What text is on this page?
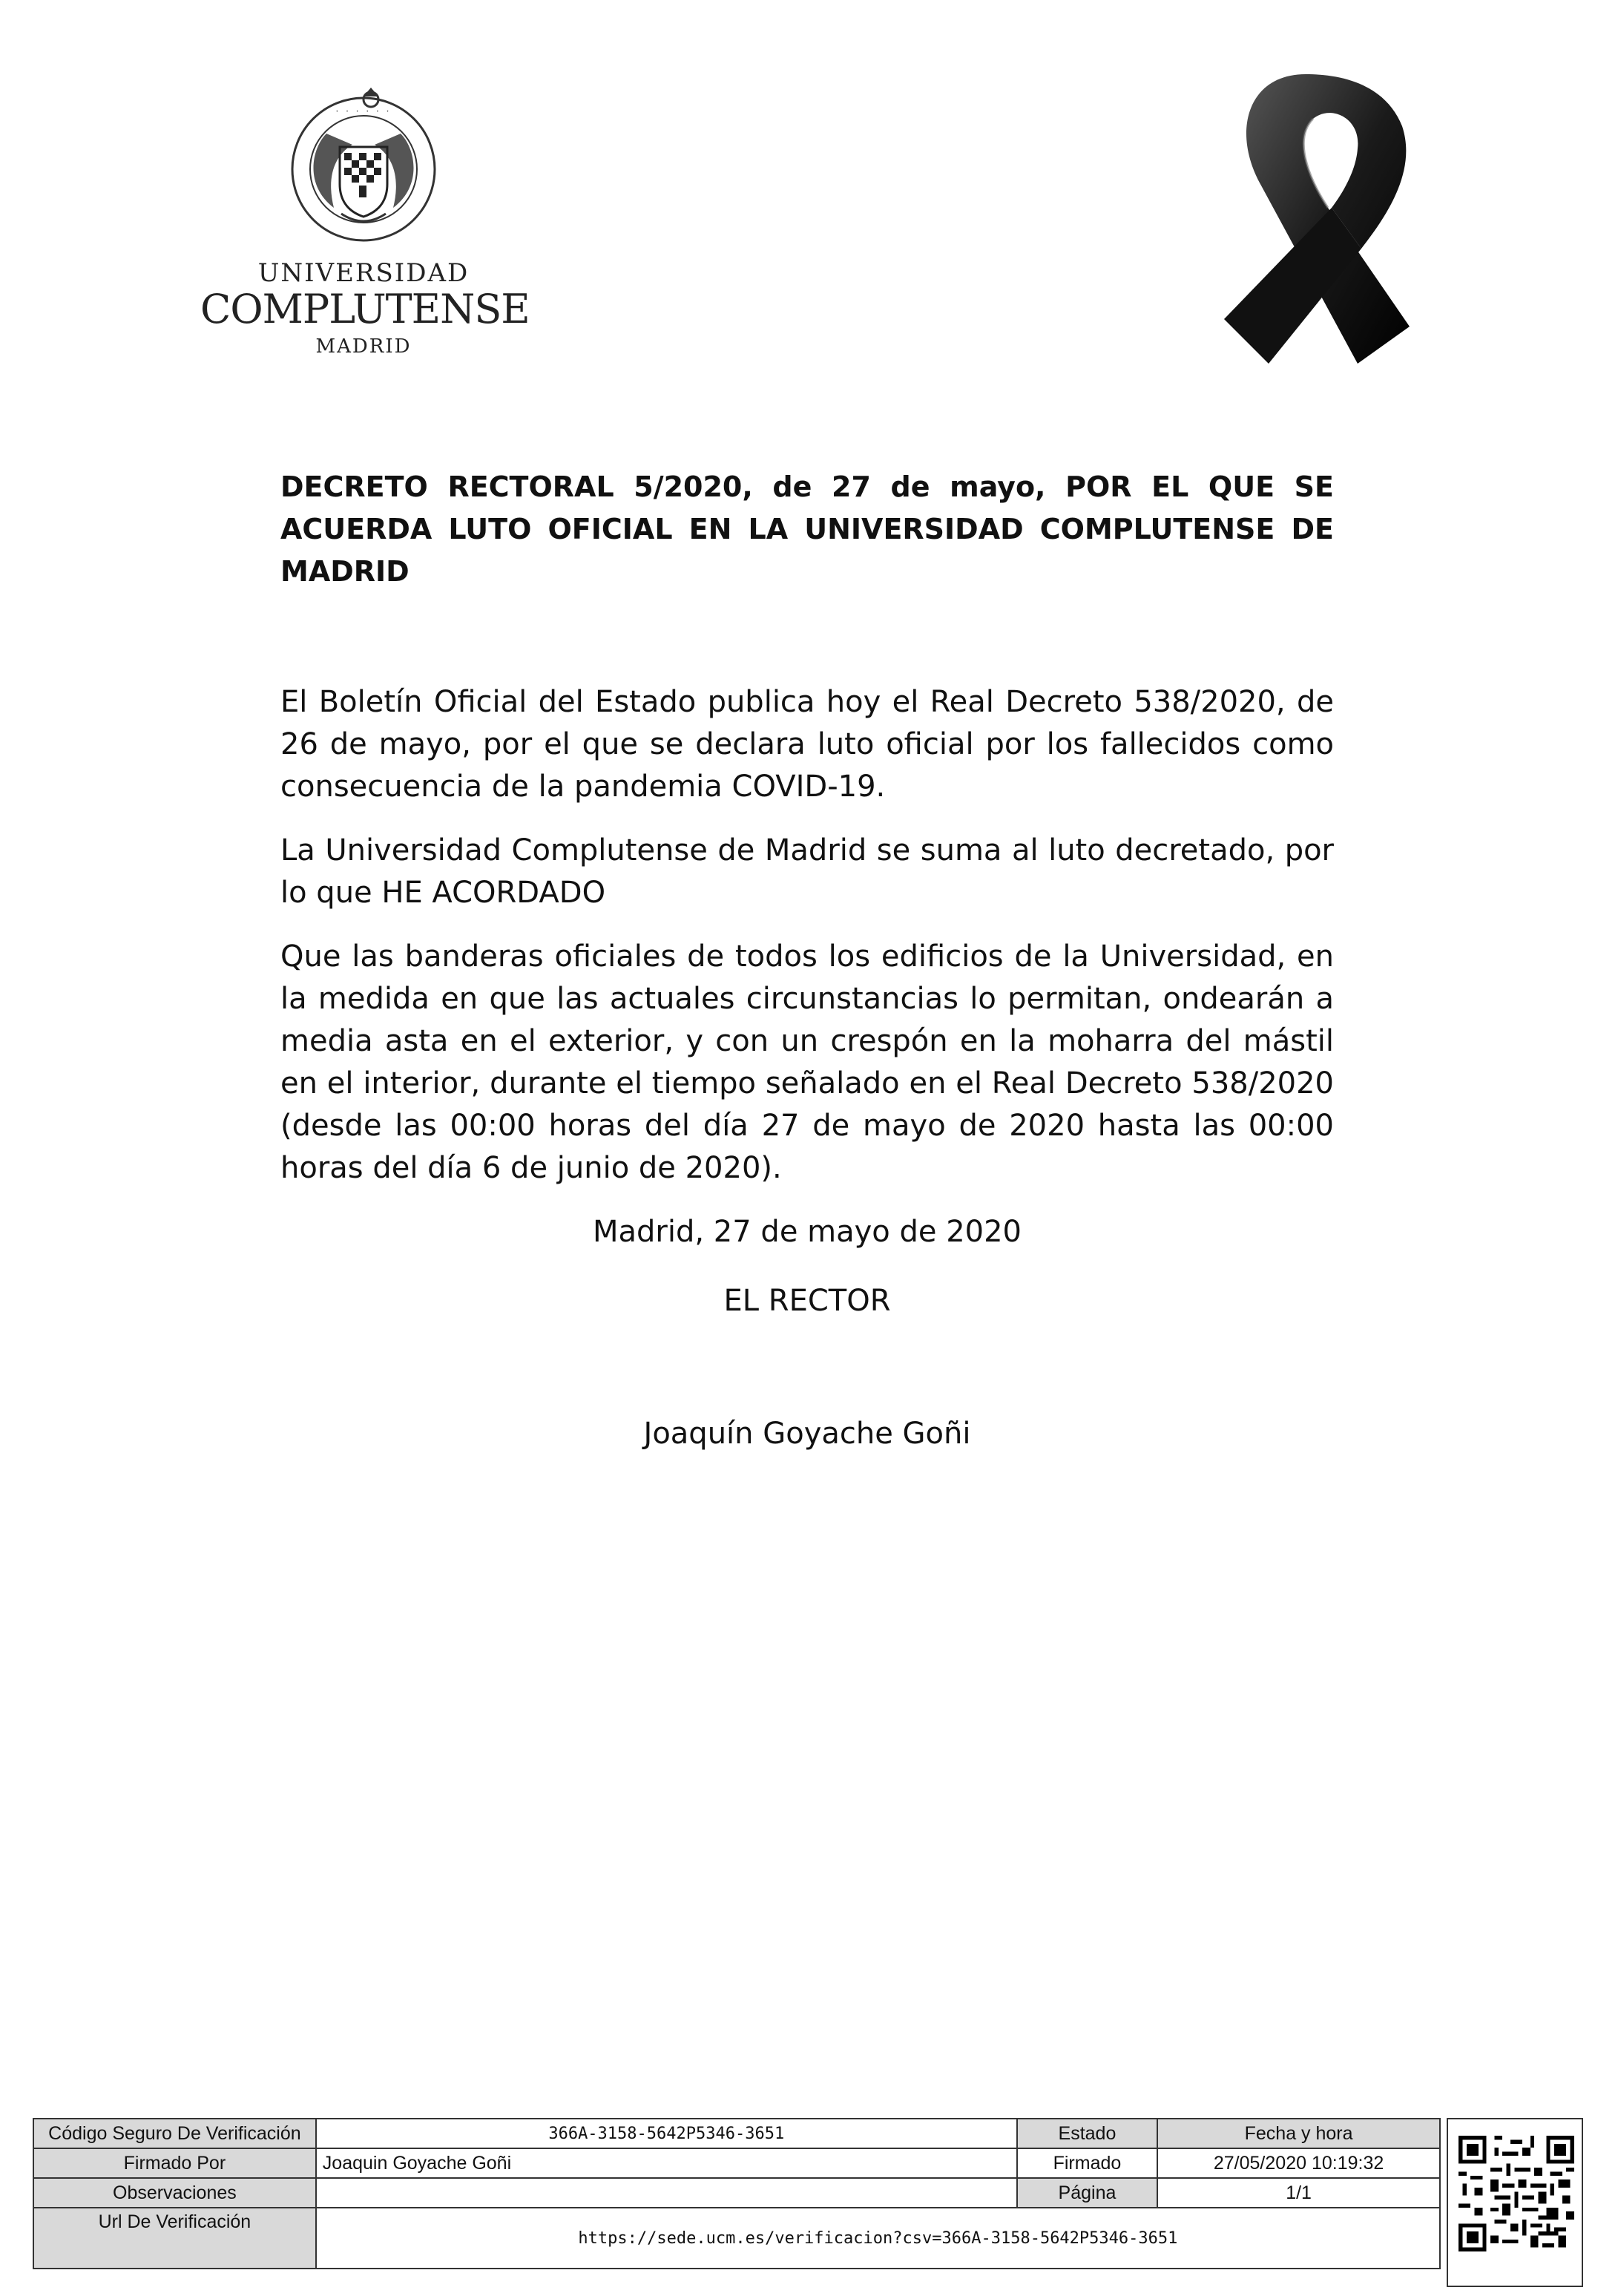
· · · · · ·
UNIVERSIDAD
COMPLUTENSE
MADRID
DECRETO RECTORAL 5/2020, de 27 de mayo, POR EL QUE SE ACUERDA LUTO OFICIAL EN LA UNIVERSIDAD COMPLUTENSE DE MADRID

El Boletín Oficial del Estado publica hoy el Real Decreto 538/2020, de 26 de mayo, por el que se declara luto oficial por los fallecidos como consecuencia de la pandemia COVID-19.

La Universidad Complutense de Madrid se suma al luto decretado, por lo que HE ACORDADO

Que las banderas oficiales de todos los edificios de la Universidad, en la medida en que las actuales circunstancias lo permitan, ondearán a media asta en el exterior, y con un crespón en la moharra del mástil en el interior, durante el tiempo señalado en el Real Decreto 538/2020 (desde las 00:00 horas del día 27 de mayo de 2020 hasta las 00:00 horas del día 6 de junio de 2020).

Madrid, 27 de mayo de 2020

EL RECTOR

Joaquín Goyache Goñi

Código Seguro De Verificación	366A-3158-5642P5346-3651	Estado	Fecha y hora
Firmado Por	Joaquin Goyache Goñi	Firmado	27/05/2020 10:19:32
Observaciones		Página	1/1
Url De Verificación	https://sede.ucm.es/verificacion?csv=366A-3158-5642P5346-3651		
